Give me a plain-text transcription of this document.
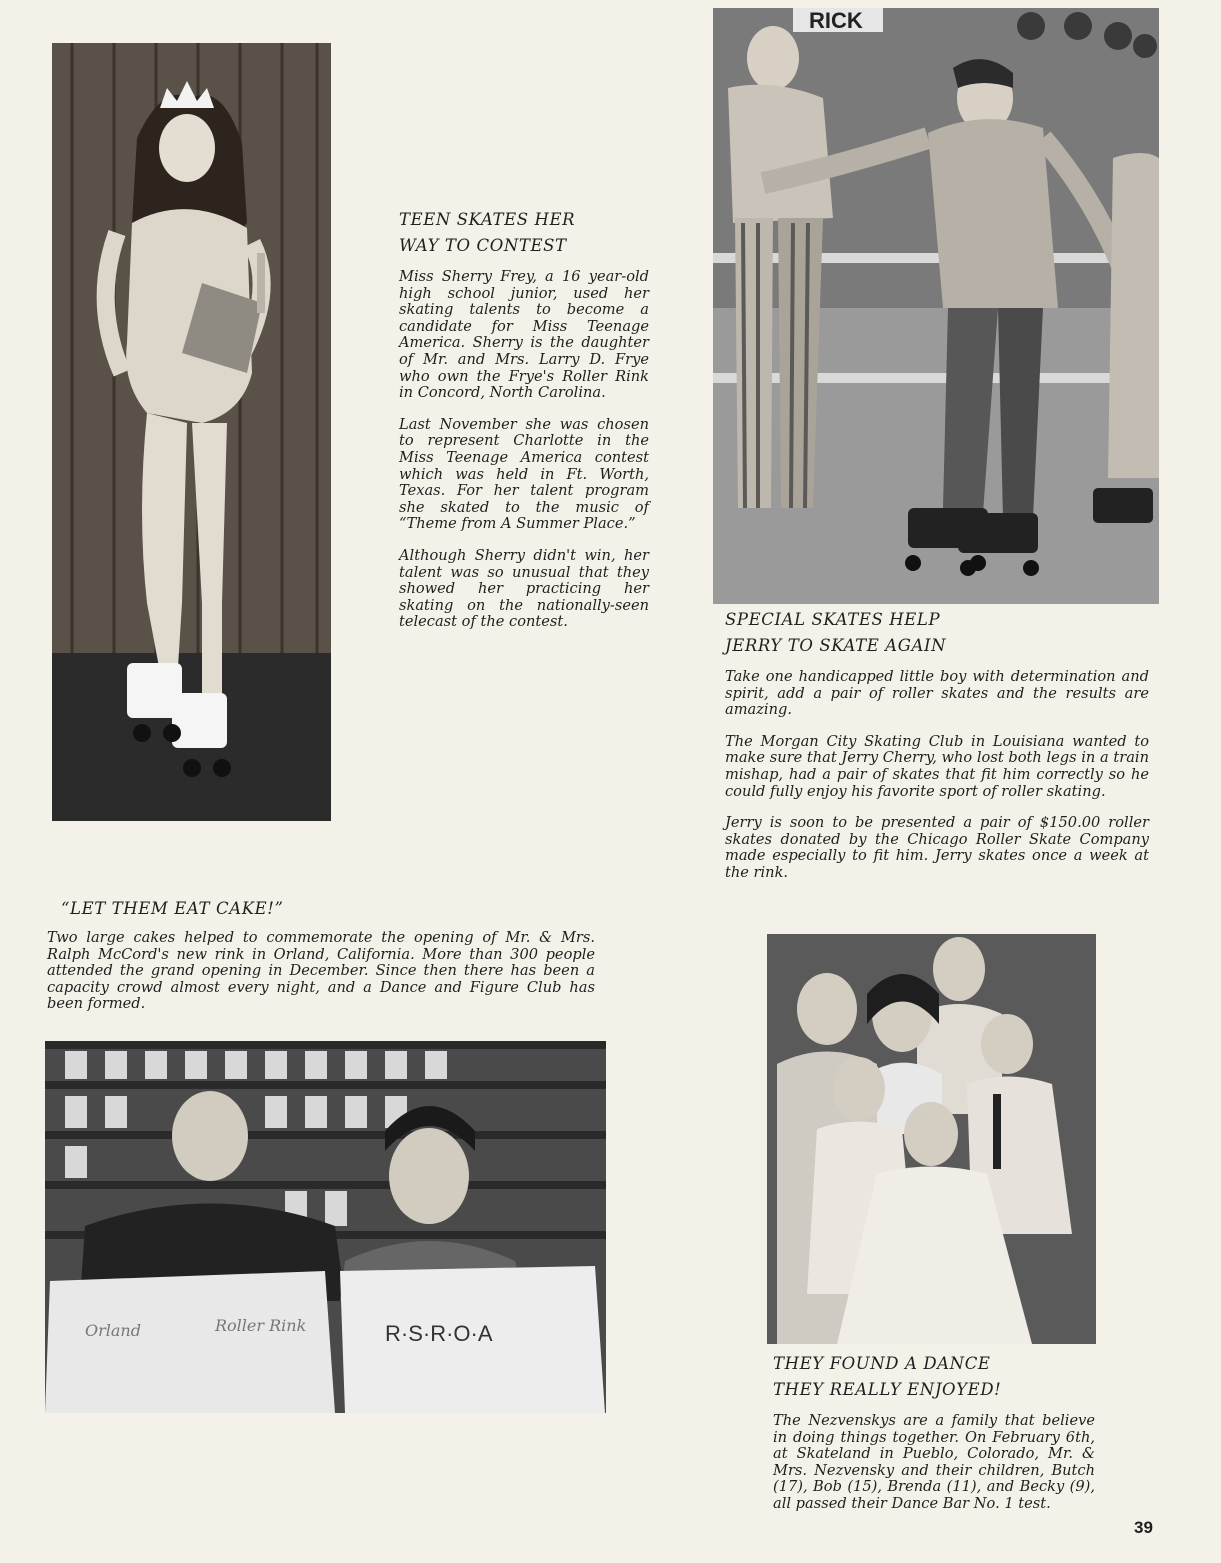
TEEN SKATES HER
WAY TO CONTEST

Miss Sherry Frey, a 16 year-old high school junior, used her skating talents to become a candidate for Miss Teenage America. Sherry is the daughter of Mr. and Mrs. Larry D. Frye who own the Frye's Roller Rink in Concord, North Carolina.

Last November she was chosen to represent Charlotte in the Miss Teenage America contest which was held in Ft. Worth, Texas. For her talent program she skated to the music of “Theme from A Summer Place.”

Although Sherry didn't win, her talent was so unusual that they showed her practicing her skating on the nationally-seen telecast of the contest.

RICK
SPECIAL SKATES HELP
JERRY TO SKATE AGAIN

Take one handicapped little boy with determination and spirit, add a pair of roller skates and the results are amazing.

The Morgan City Skating Club in Louisiana wanted to make sure that Jerry Cherry, who lost both legs in a train mishap, had a pair of skates that fit him correctly so he could fully enjoy his favorite sport of roller skating.

Jerry is soon to be presented a pair of $150.00 roller skates donated by the Chicago Roller Skate Company made especially to fit him. Jerry skates once a week at the rink.

“LET THEM EAT CAKE!”

Two large cakes helped to commemorate the opening of Mr. & Mrs. Ralph McCord's new rink in Orland, California. More than 300 people attended the grand opening in December. Since then there has been a capacity crowd almost every night, and a Dance and Figure Club has been formed.

Orland	Roller Rink	R·S·R·O·A
THEY FOUND A DANCE
THEY REALLY ENJOYED!

The Nezvenskys are a family that believe in doing things together. On February 6th, at Skateland in Pueblo, Colorado, Mr. & Mrs. Nezvensky and their children, Butch (17), Bob (15), Brenda (11), and Becky (9), all passed their Dance Bar No. 1 test.

39
